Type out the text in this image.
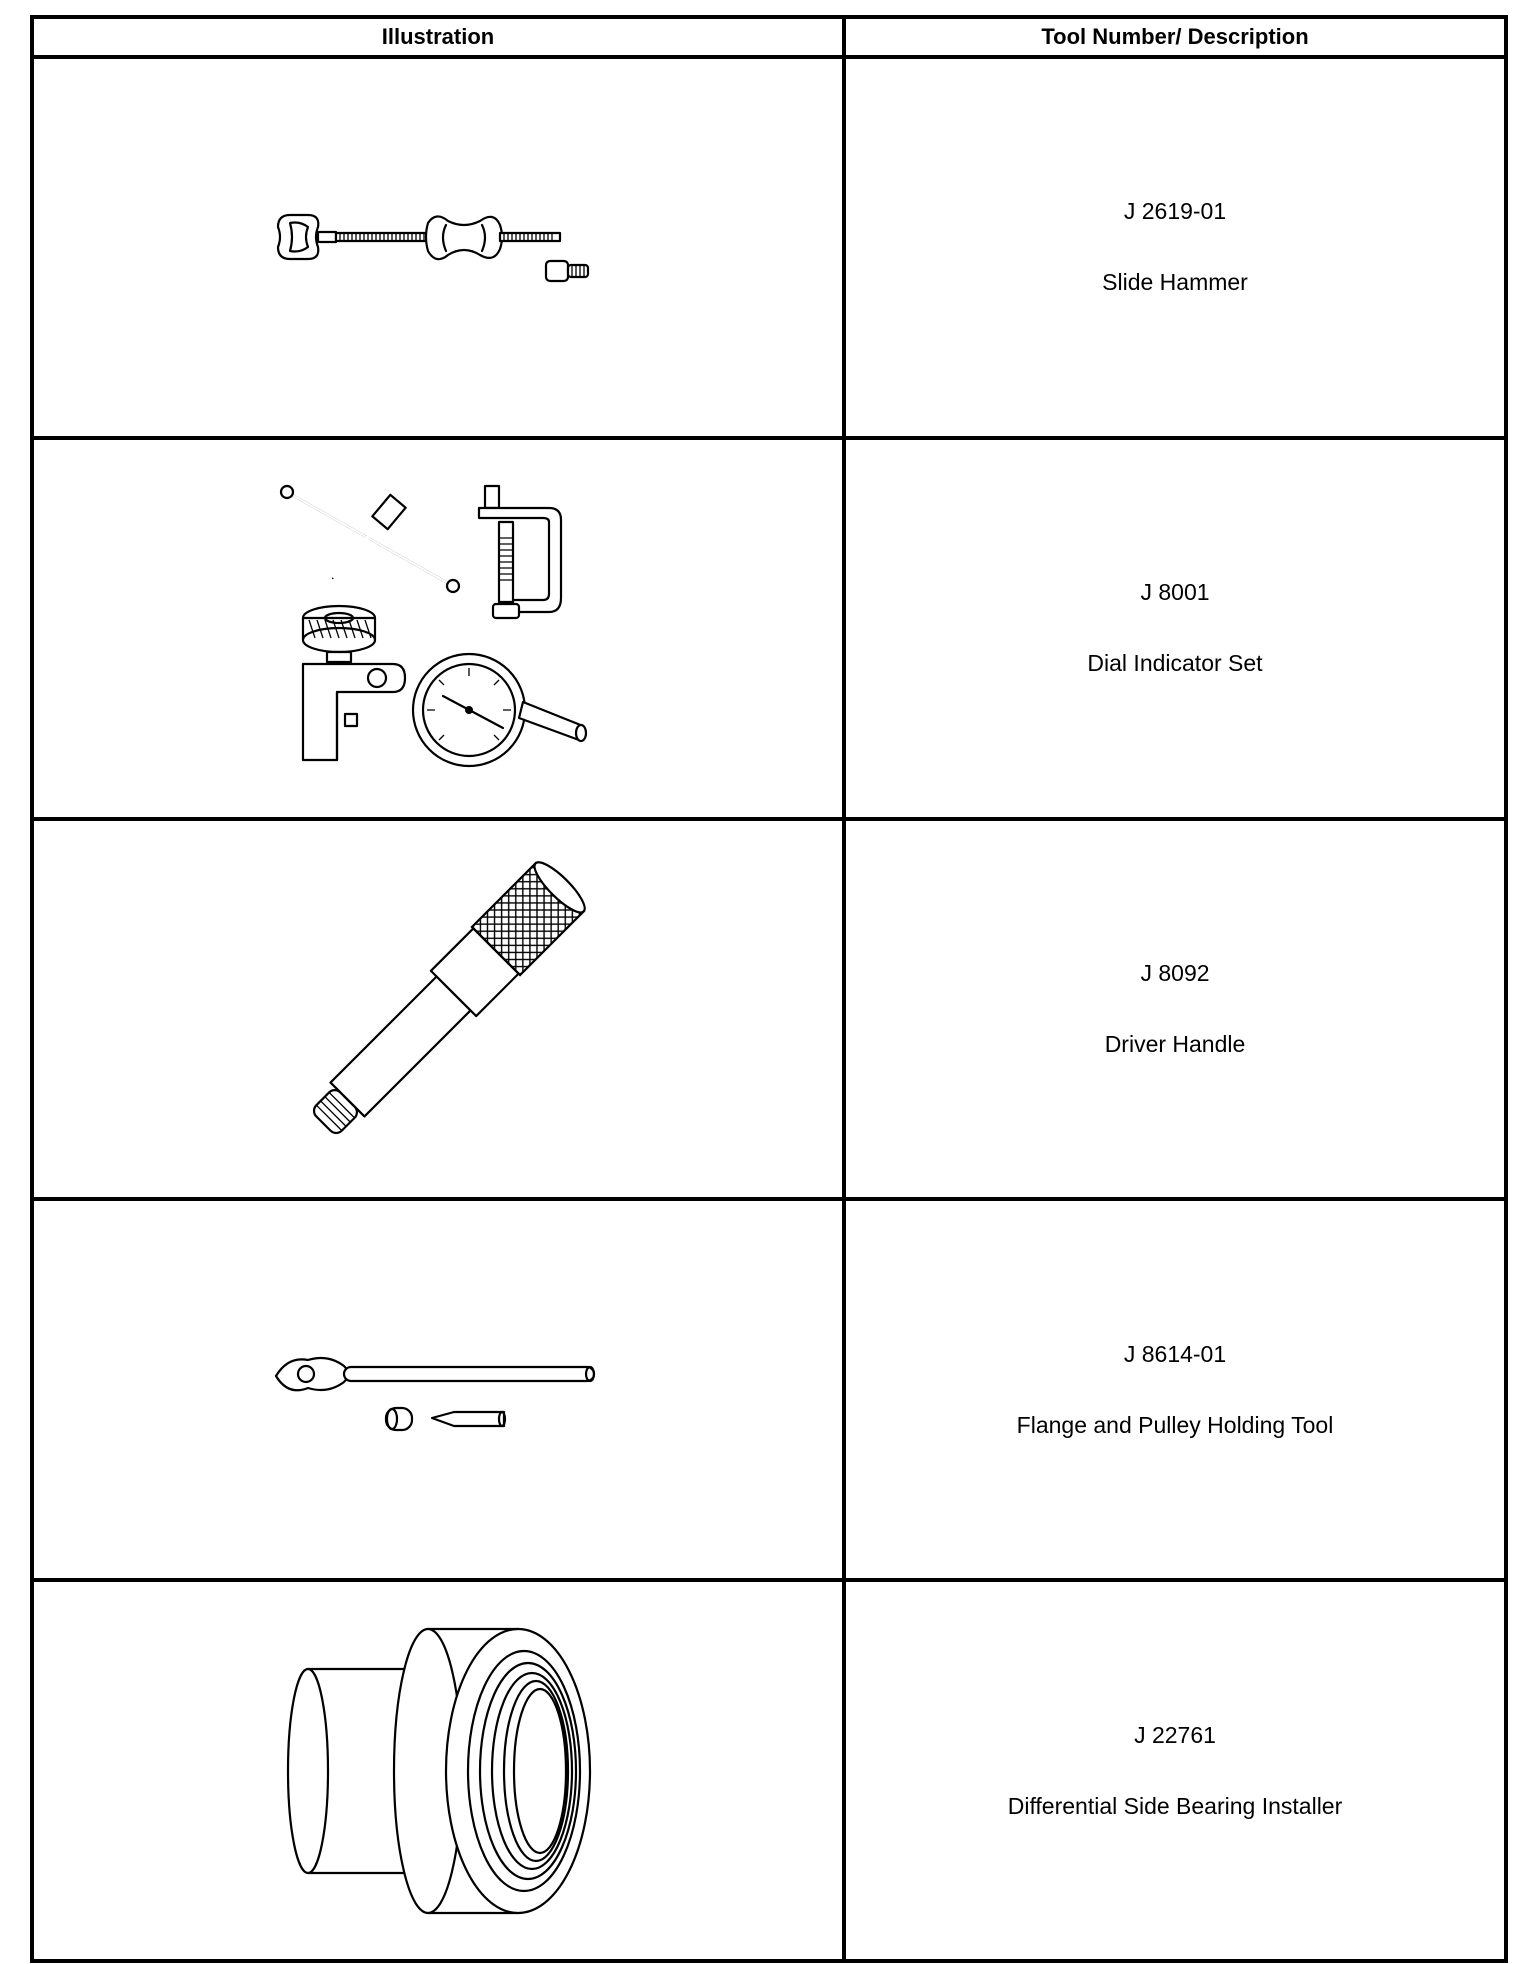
Illustration	Tool Number/ Description

J 2619-01
Slide Hammer

J 8001
Dial Indicator Set

J 8092
Driver Handle

J 8614-01
Flange and Pulley Holding Tool

J 22761
Differential Side Bearing Installer
